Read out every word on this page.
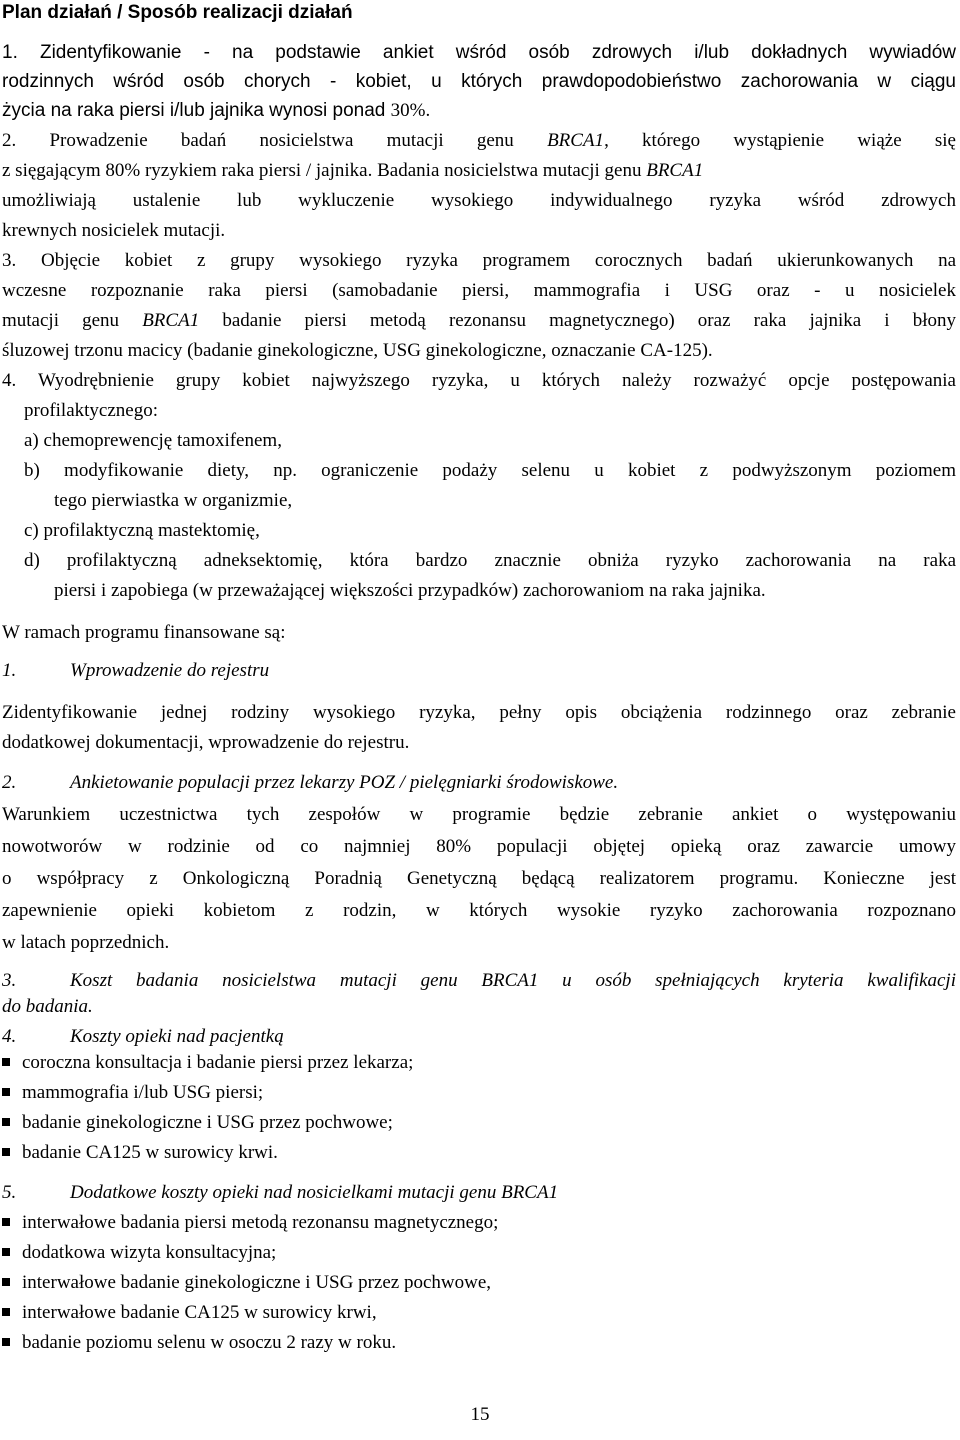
Plan działań / Sposób realizacji działań
1. Zidentyfikowanie - na podstawie ankiet wśród osób zdrowych i/lub dokładnych wywiadów
rodzinnych wśród osób chorych - kobiet, u których prawdopodobieństwo zachorowania w ciągu
życia na raka piersi i/lub jajnika wynosi ponad 30%.
2. Prowadzenie badań nosicielstwa mutacji genu BRCA1, którego wystąpienie wiąże się
z sięgającym 80% ryzykiem raka piersi / jajnika. Badania nosicielstwa mutacji genu BRCA1
umożliwiają ustalenie lub wykluczenie wysokiego indywidualnego ryzyka wśród zdrowych
krewnych nosicielek mutacji.
3. Objęcie kobiet z grupy wysokiego ryzyka programem corocznych badań ukierunkowanych na
wczesne rozpoznanie raka piersi (samobadanie piersi, mammografia i USG oraz - u nosicielek
mutacji genu BRCA1 badanie piersi metodą rezonansu magnetycznego) oraz raka jajnika i błony
śluzowej trzonu macicy (badanie ginekologiczne, USG ginekologiczne, oznaczanie CA-125).
4. Wyodrębnienie grupy kobiet najwyższego ryzyka, u których należy rozważyć opcje postępowania
profilaktycznego:
a) chemoprewencję tamoxifenem,
b) modyfikowanie diety, np. ograniczenie podaży selenu u kobiet z podwyższonym poziomem
tego pierwiastka w organizmie,
c) profilaktyczną mastektomię,
d) profilaktyczną adneksektomię, która bardzo znacznie obniża ryzyko zachorowania na raka
piersi i zapobiega (w przeważającej większości przypadków) zachorowaniom na raka jajnika.
W ramach programu finansowane są:
1.	Wprowadzenie do rejestru
Zidentyfikowanie jednej rodziny wysokiego ryzyka, pełny opis obciążenia rodzinnego oraz zebranie
dodatkowej dokumentacji, wprowadzenie do rejestru.
2.	Ankietowanie populacji przez lekarzy POZ / pielęgniarki środowiskowe.
Warunkiem uczestnictwa tych zespołów w programie będzie zebranie ankiet o występowaniu
nowotworów w rodzinie od co najmniej 80% populacji objętej opieką oraz zawarcie umowy
o współpracy z Onkologiczną Poradnią Genetyczną będącą realizatorem programu. Konieczne jest
zapewnienie opieki kobietom z rodzin, w których wysokie ryzyko zachorowania rozpoznano
w latach poprzednich.
3.	Koszt badania nosicielstwa mutacji genu BRCA1 u osób spełniających kryteria kwalifikacji
do badania.
4.	Koszty opieki nad pacjentką
coroczna konsultacja i badanie piersi przez lekarza;
mammografia i/lub USG piersi;
badanie ginekologiczne i USG przez pochwowe;
badanie CA125 w surowicy krwi.
5.	Dodatkowe koszty opieki nad nosicielkami mutacji genu BRCA1
interwałowe badania piersi metodą rezonansu magnetycznego;
dodatkowa wizyta konsultacyjna;
interwałowe badanie ginekologiczne i USG przez pochwowe,
interwałowe badanie CA125 w surowicy krwi,
badanie poziomu selenu w osoczu 2 razy w roku.
15
